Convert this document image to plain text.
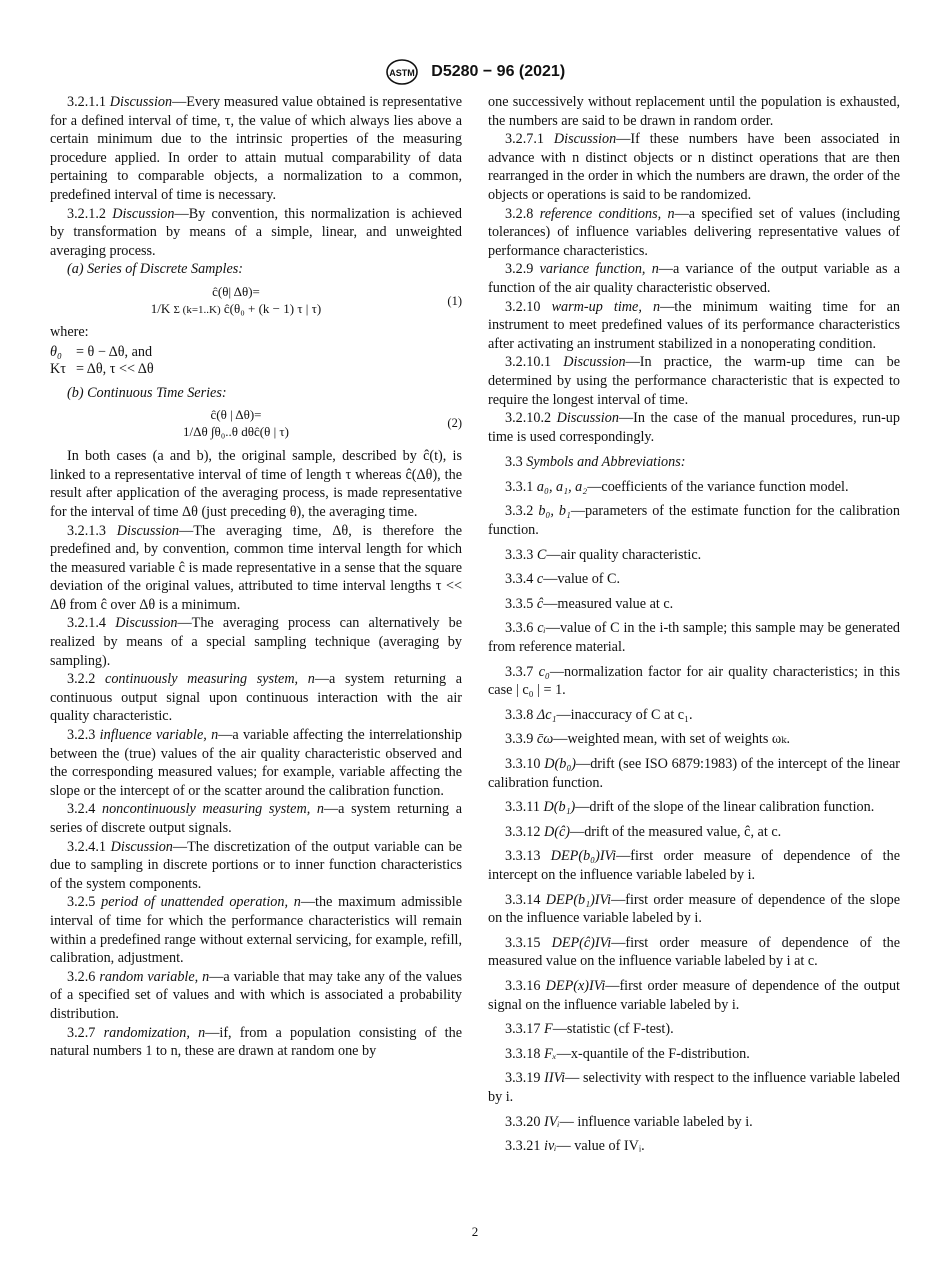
ASTM D5280 − 96 (2021)

3.2.1.1 Discussion—Every measured value obtained is representative for a defined interval of time, τ, the value of which always lies above a certain minimum due to the intrinsic properties of the measuring procedure applied. In order to attain mutual comparability of data pertaining to comparable objects, a normalization to a common, predefined interval of time is necessary.

3.2.1.2 Discussion—By convention, this normalization is achieved by transformation by means of a simple, linear, and unweighted averaging process.

(a) Series of Discrete Samples:

ĉ(θ| Δθ)=
1/K Σ (k=1..K) ĉ(θ₀ + (k − 1) τ | τ)
(1)

where:

θ₀	= θ − Δθ, and
Kτ	= Δθ, τ << Δθ

(b) Continuous Time Series:

ĉ(θ | Δθ)=
1/Δθ ∫θ₀..θ dθĉ(θ | τ)
(2)

In both cases (a and b), the original sample, described by ĉ(t), is linked to a representative interval of time of length τ whereas ĉ(Δθ), the result after application of the averaging process, is made representative for the interval of time Δθ (just preceding θ), the averaging time.

3.2.1.3 Discussion—The averaging time, Δθ, is therefore the predefined and, by convention, common time interval length for which the measured variable ĉ is made representative in a sense that the square deviation of the original values, attributed to time interval lengths τ << Δθ from ĉ over Δθ is a minimum.

3.2.1.4 Discussion—The averaging process can alternatively be realized by means of a special sampling technique (averaging by sampling).

3.2.2 continuously measuring system, n—a system returning a continuous output signal upon continuous interaction with the air quality characteristic.

3.2.3 influence variable, n—a variable affecting the interrelationship between the (true) values of the air quality characteristic observed and the corresponding measured values; for example, variable affecting the slope or the intercept of or the scatter around the calibration function.

3.2.4 noncontinuously measuring system, n—a system returning a series of discrete output signals.

3.2.4.1 Discussion—The discretization of the output variable can be due to sampling in discrete portions or to inner function characteristics of the system components.

3.2.5 period of unattended operation, n—the maximum admissible interval of time for which the performance characteristics will remain within a predefined range without external servicing, for example, refill, calibration, adjustment.

3.2.6 random variable, n—a variable that may take any of the values of a specified set of values and with which is associated a probability distribution.

3.2.7 randomization, n—if, from a population consisting of the natural numbers 1 to n, these are drawn at random one by

one successively without replacement until the population is exhausted, the numbers are said to be drawn in random order.

3.2.7.1 Discussion—If these numbers have been associated in advance with n distinct objects or n distinct operations that are then rearranged in the order in which the numbers are drawn, the order of the objects or operations is said to be randomized.

3.2.8 reference conditions, n—a specified set of values (including tolerances) of influence variables delivering representative values of performance characteristics.

3.2.9 variance function, n—a variance of the output variable as a function of the air quality characteristic observed.

3.2.10 warm-up time, n—the minimum waiting time for an instrument to meet predefined values of its performance characteristics after activating an instrument stabilized in a nonoperating condition.

3.2.10.1 Discussion—In practice, the warm-up time can be determined by using the performance characteristic that is expected to require the longest interval of time.

3.2.10.2 Discussion—In the case of the manual procedures, run-up time is used correspondingly.

3.3 Symbols and Abbreviations:

3.3.1 a₀, a₁, a₂—coefficients of the variance function model.

3.3.2 b₀, b₁—parameters of the estimate function for the calibration function.

3.3.3 C—air quality characteristic.

3.3.4 c—value of C.

3.3.5 ĉ—measured value at c.

3.3.6 cᵢ—value of C in the i-th sample; this sample may be generated from reference material.

3.3.7 c₀—normalization factor for air quality characteristics; in this case | c₀ | = 1.

3.3.8 Δc₁—inaccuracy of C at c₁.

3.3.9 c̄ω—weighted mean, with set of weights ωₖ.

3.3.10 D(b₀)—drift (see ISO 6879:1983) of the intercept of the linear calibration function.

3.3.11 D(b₁)—drift of the slope of the linear calibration function.

3.3.12 D(ĉ)—drift of the measured value, ĉ, at c.

3.3.13 DEP(b₀)IVi—first order measure of dependence of the intercept on the influence variable labeled by i.

3.3.14 DEP(b₁)IVi—first order measure of dependence of the slope on the influence variable labeled by i.

3.3.15 DEP(ĉ)IVi—first order measure of dependence of the measured value on the influence variable labeled by i at c.

3.3.16 DEP(x)IVi—first order measure of dependence of the output signal on the influence variable labeled by i.

3.3.17 F—statistic (cf F-test).

3.3.18 Fₓ—x-quantile of the F-distribution.

3.3.19 IIVi— selectivity with respect to the influence variable labeled by i.

3.3.20 IVᵢ— influence variable labeled by i.

3.3.21 ivᵢ— value of IVᵢ.

2
